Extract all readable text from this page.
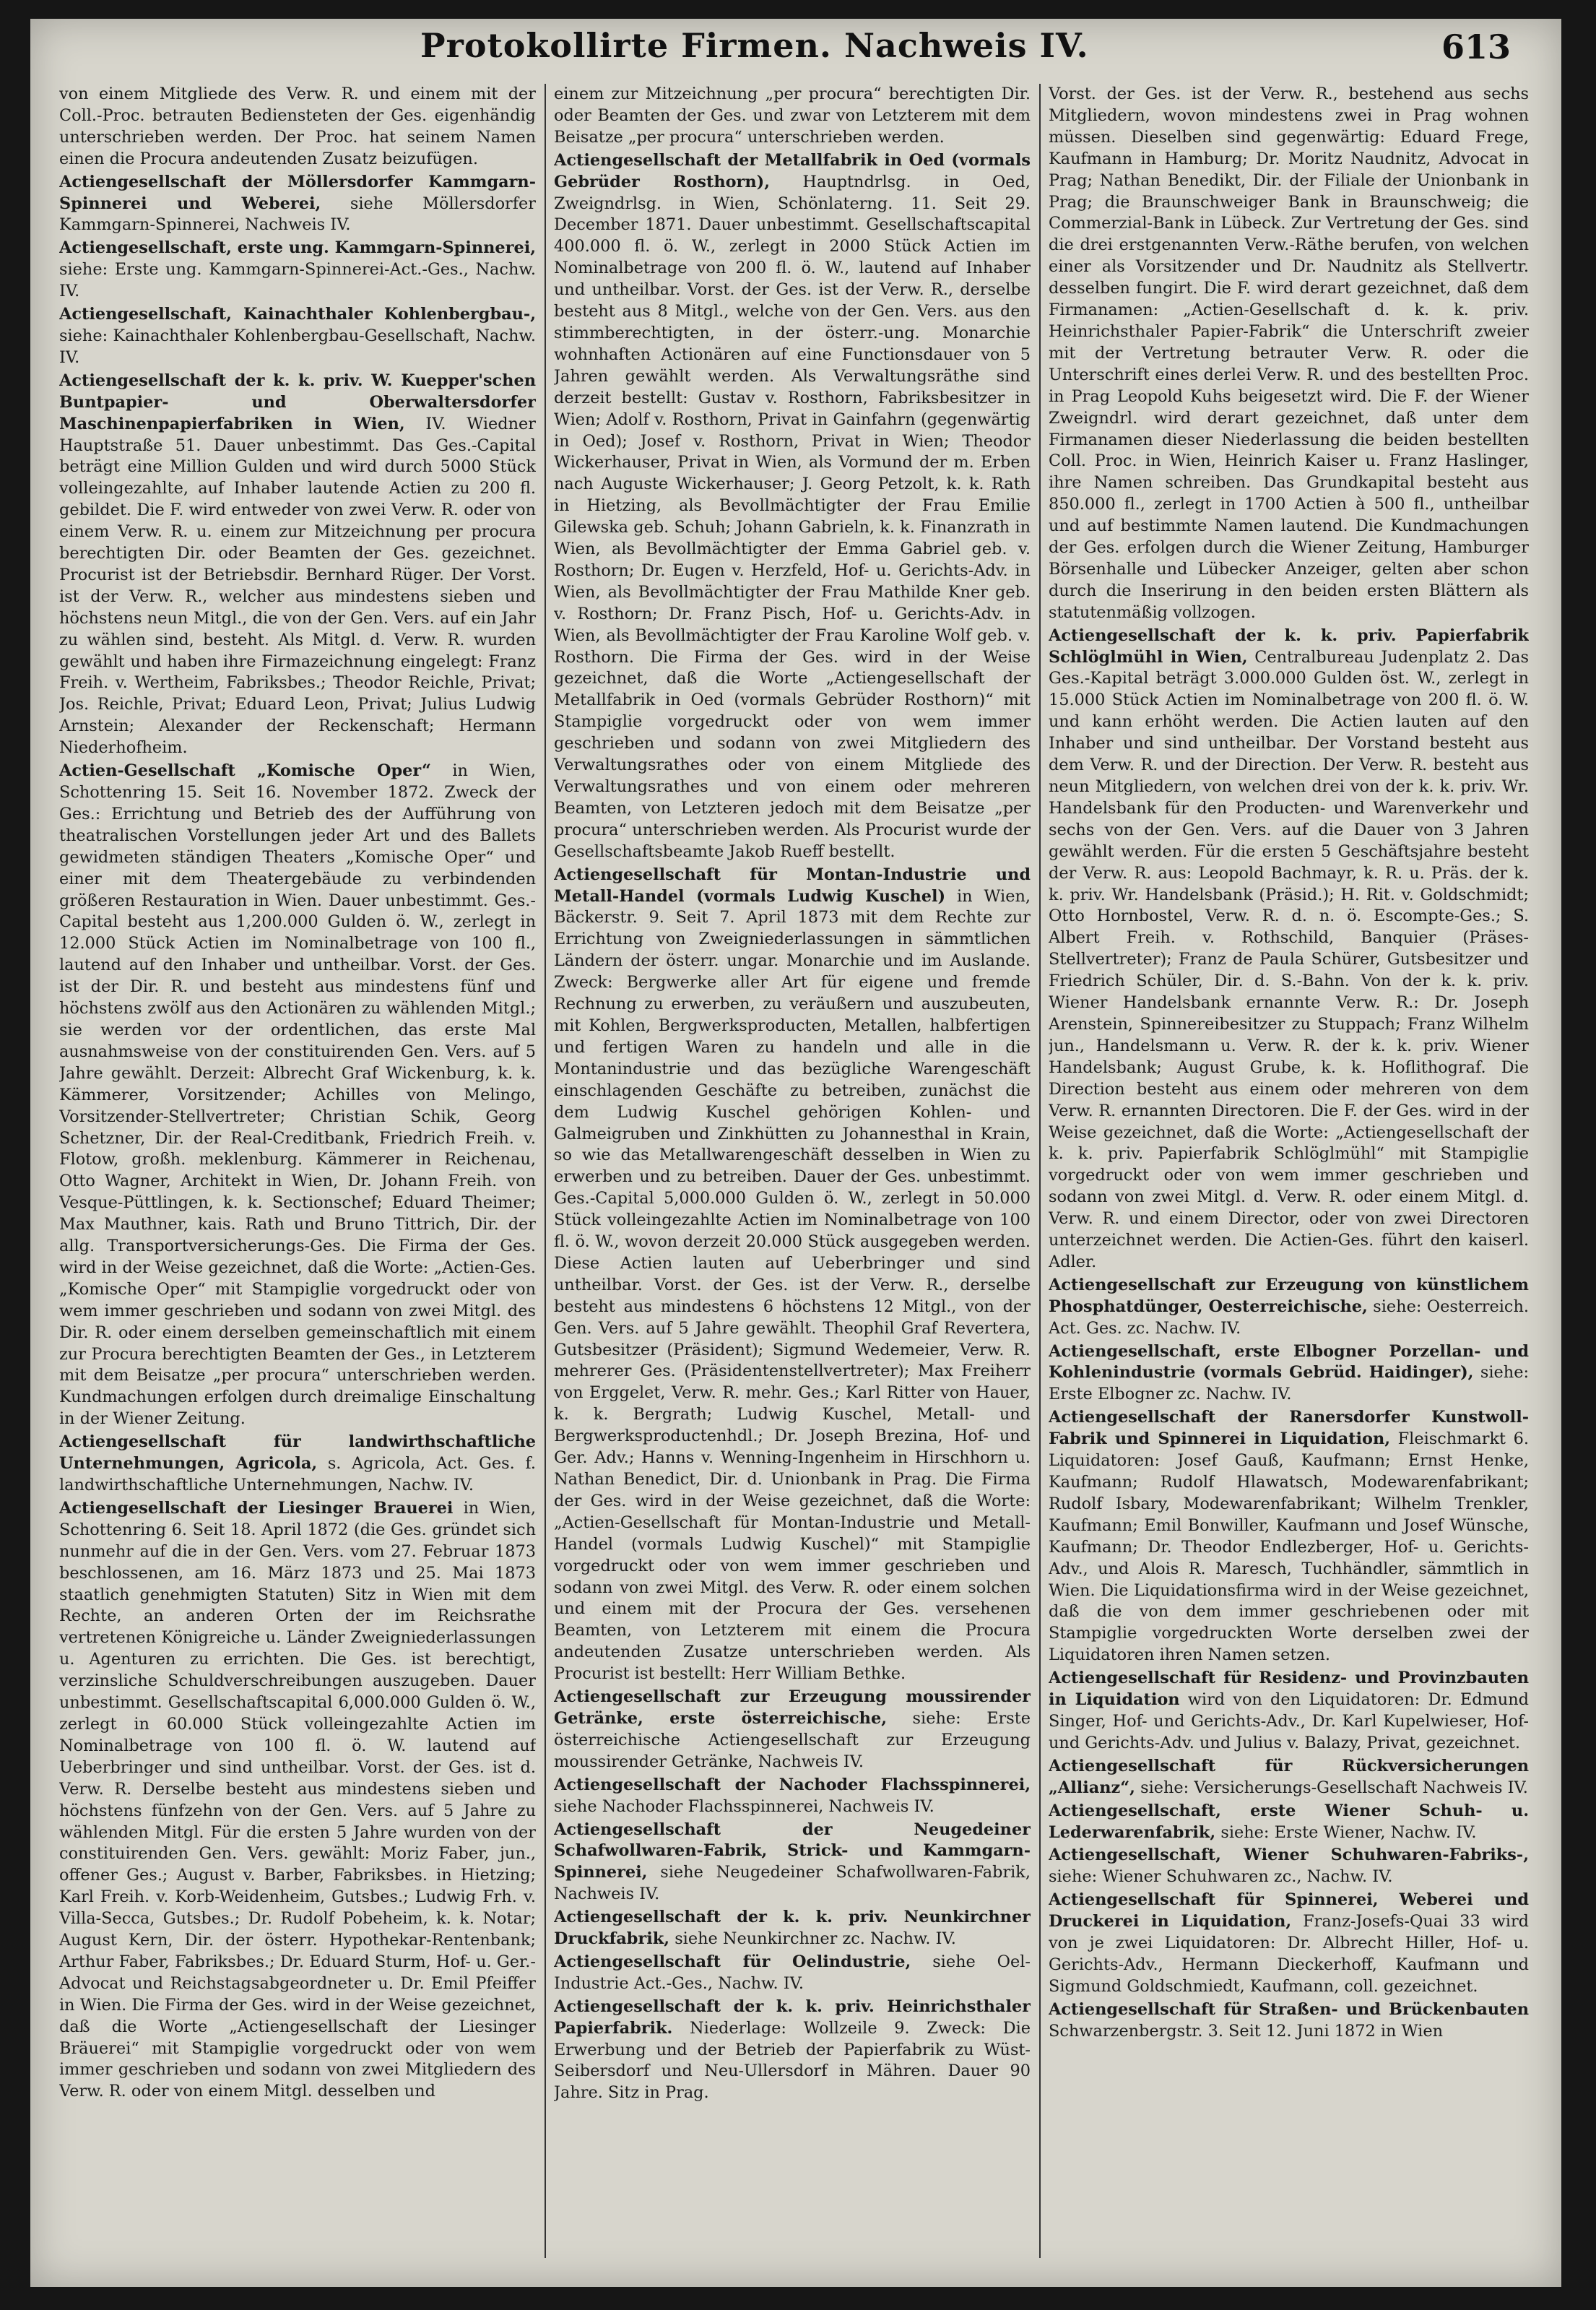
Protokollirte Firmen. Nachweis IV.	613
von einem Mitgliede des Verw. R. und einem mit der Coll.-Proc. betrauten Bediensteten der Ges. eigenhändig unterschrieben werden. Der Proc. hat seinem Namen einen die Procura andeutenden Zusatz beizufügen.
Actiengesellschaft der Möllersdorfer Kammgarn-Spinnerei und Weberei, siehe Möllersdorfer Kammgarn-Spinnerei, Nachweis IV.
Actiengesellschaft, erste ung. Kammgarn-Spinnerei, siehe: Erste ung. Kammgarn-Spinnerei-Act.-Ges., Nachw. IV.
Actiengesellschaft, Kainachthaler Kohlenbergbau-, siehe: Kainachthaler Kohlenbergbau-Gesellschaft, Nachw. IV.
Actiengesellschaft der k. k. priv. W. Kuepper'schen Buntpapier- und Oberwaltersdorfer Maschinenpapierfabriken in Wien, IV. Wiedner Hauptstraße 51. Dauer unbestimmt. Das Ges.-Capital beträgt eine Million Gulden und wird durch 5000 Stück volleingezahlte, auf Inhaber lautende Actien zu 200 fl. gebildet. Die F. wird entweder von zwei Verw. R. oder von einem Verw. R. u. einem zur Mitzeichnung per procura berechtigten Dir. oder Beamten der Ges. gezeichnet. Procurist ist der Betriebsdir. Bernhard Rüger. Der Vorst. ist der Verw. R., welcher aus mindestens sieben und höchstens neun Mitgl., die von der Gen. Vers. auf ein Jahr zu wählen sind, besteht. Als Mitgl. d. Verw. R. wurden gewählt und haben ihre Firmazeichnung eingelegt: Franz Freih. v. Wertheim, Fabriksbes.; Theodor Reichle, Privat; Jos. Reichle, Privat; Eduard Leon, Privat; Julius Ludwig Arnstein; Alexander der Reckenschaft; Hermann Niederhofheim.
Actien-Gesellschaft „Komische Oper“ in Wien, Schottenring 15. Seit 16. November 1872. Zweck der Ges.: Errichtung und Betrieb des der Aufführung von theatralischen Vorstellungen jeder Art und des Ballets gewidmeten ständigen Theaters „Komische Oper“ und einer mit dem Theatergebäude zu verbindenden größeren Restauration in Wien. Dauer unbestimmt. Ges.-Capital besteht aus 1,200.000 Gulden ö. W., zerlegt in 12.000 Stück Actien im Nominalbetrage von 100 fl., lautend auf den Inhaber und untheilbar. Vorst. der Ges. ist der Dir. R. und besteht aus mindestens fünf und höchstens zwölf aus den Actionären zu wählenden Mitgl.; sie werden vor der ordentlichen, das erste Mal ausnahmsweise von der constituirenden Gen. Vers. auf 5 Jahre gewählt. Derzeit: Albrecht Graf Wickenburg, k. k. Kämmerer, Vorsitzender; Achilles von Melingo, Vorsitzender-Stellvertreter; Christian Schik, Georg Schetzner, Dir. der Real-Creditbank, Friedrich Freih. v. Flotow, großh. meklenburg. Kämmerer in Reichenau, Otto Wagner, Architekt in Wien, Dr. Johann Freih. von Vesque-Püttlingen, k. k. Sectionschef; Eduard Theimer; Max Mauthner, kais. Rath und Bruno Tittrich, Dir. der allg. Transportversicherungs-Ges. Die Firma der Ges. wird in der Weise gezeichnet, daß die Worte: „Actien-Ges. „Komische Oper“ mit Stampiglie vorgedruckt oder von wem immer geschrieben und sodann von zwei Mitgl. des Dir. R. oder einem derselben gemeinschaftlich mit einem zur Procura berechtigten Beamten der Ges., in Letzterem mit dem Beisatze „per procura“ unterschrieben werden. Kundmachungen erfolgen durch dreimalige Einschaltung in der Wiener Zeitung.
Actiengesellschaft für landwirthschaftliche Unternehmungen, Agricola, s. Agricola, Act. Ges. f. landwirthschaftliche Unternehmungen, Nachw. IV.
Actiengesellschaft der Liesinger Brauerei in Wien, Schottenring 6. Seit 18. April 1872 (die Ges. gründet sich nunmehr auf die in der Gen. Vers. vom 27. Februar 1873 beschlossenen, am 16. März 1873 und 25. Mai 1873 staatlich genehmigten Statuten) Sitz in Wien mit dem Rechte, an anderen Orten der im Reichsrathe vertretenen Königreiche u. Länder Zweigniederlassungen u. Agenturen zu errichten. Die Ges. ist berechtigt, verzinsliche Schuldverschreibungen auszugeben. Dauer unbestimmt. Gesellschaftscapital 6,000.000 Gulden ö. W., zerlegt in 60.000 Stück volleingezahlte Actien im Nominalbetrage von 100 fl. ö. W. lautend auf Ueberbringer und sind untheilbar. Vorst. der Ges. ist d. Verw. R. Derselbe besteht aus mindestens sieben und höchstens fünfzehn von der Gen. Vers. auf 5 Jahre zu wählenden Mitgl. Für die ersten 5 Jahre wurden von der constituirenden Gen. Vers. gewählt: Moriz Faber, jun., offener Ges.; August v. Barber, Fabriksbes. in Hietzing; Karl Freih. v. Korb-Weidenheim, Gutsbes.; Ludwig Frh. v. Villa-Secca, Gutsbes.; Dr. Rudolf Pobeheim, k. k. Notar; August Kern, Dir. der österr. Hypothekar-Rentenbank; Arthur Faber, Fabriksbes.; Dr. Eduard Sturm, Hof- u. Ger.-Advocat und Reichstagsabgeordneter u. Dr. Emil Pfeiffer in Wien. Die Firma der Ges. wird in der Weise gezeichnet, daß die Worte „Actiengesellschaft der Liesinger Bräuerei“ mit Stampiglie vorgedruckt oder von wem immer geschrieben und sodann von zwei Mitgliedern des Verw. R. oder von einem Mitgl. desselben und
einem zur Mitzeichnung „per procura“ berechtigten Dir. oder Beamten der Ges. und zwar von Letzterem mit dem Beisatze „per procura“ unterschrieben werden.
Actiengesellschaft der Metallfabrik in Oed (vormals Gebrüder Rosthorn), Hauptndrlsg. in Oed, Zweigndrlsg. in Wien, Schönlaterng. 11. Seit 29. December 1871. Dauer unbestimmt. Gesellschaftscapital 400.000 fl. ö. W., zerlegt in 2000 Stück Actien im Nominalbetrage von 200 fl. ö. W., lautend auf Inhaber und untheilbar. Vorst. der Ges. ist der Verw. R., derselbe besteht aus 8 Mitgl., welche von der Gen. Vers. aus den stimmberechtigten, in der österr.-ung. Monarchie wohnhaften Actionären auf eine Functionsdauer von 5 Jahren gewählt werden. Als Verwaltungsräthe sind derzeit bestellt: Gustav v. Rosthorn, Fabriksbesitzer in Wien; Adolf v. Rosthorn, Privat in Gainfahrn (gegenwärtig in Oed); Josef v. Rosthorn, Privat in Wien; Theodor Wickerhauser, Privat in Wien, als Vormund der m. Erben nach Auguste Wickerhauser; J. Georg Petzolt, k. k. Rath in Hietzing, als Bevollmächtigter der Frau Emilie Gilewska geb. Schuh; Johann Gabrieln, k. k. Finanzrath in Wien, als Bevollmächtigter der Emma Gabriel geb. v. Rosthorn; Dr. Eugen v. Herzfeld, Hof- u. Gerichts-Adv. in Wien, als Bevollmächtigter der Frau Mathilde Kner geb. v. Rosthorn; Dr. Franz Pisch, Hof- u. Gerichts-Adv. in Wien, als Bevollmächtigter der Frau Karoline Wolf geb. v. Rosthorn. Die Firma der Ges. wird in der Weise gezeichnet, daß die Worte „Actiengesellschaft der Metallfabrik in Oed (vormals Gebrüder Rosthorn)“ mit Stampiglie vorgedruckt oder von wem immer geschrieben und sodann von zwei Mitgliedern des Verwaltungsrathes oder von einem Mitgliede des Verwaltungsrathes und von einem oder mehreren Beamten, von Letzteren jedoch mit dem Beisatze „per procura“ unterschrieben werden. Als Procurist wurde der Gesellschaftsbeamte Jakob Rueff bestellt.
Actiengesellschaft für Montan-Industrie und Metall-Handel (vormals Ludwig Kuschel) in Wien, Bäckerstr. 9. Seit 7. April 1873 mit dem Rechte zur Errichtung von Zweigniederlassungen in sämmtlichen Ländern der österr. ungar. Monarchie und im Auslande. Zweck: Bergwerke aller Art für eigene und fremde Rechnung zu erwerben, zu veräußern und auszubeuten, mit Kohlen, Bergwerksproducten, Metallen, halbfertigen und fertigen Waren zu handeln und alle in die Montanindustrie und das bezügliche Warengeschäft einschlagenden Geschäfte zu betreiben, zunächst die dem Ludwig Kuschel gehörigen Kohlen- und Galmeigruben und Zinkhütten zu Johannesthal in Krain, so wie das Metallwarengeschäft desselben in Wien zu erwerben und zu betreiben. Dauer der Ges. unbestimmt. Ges.-Capital 5,000.000 Gulden ö. W., zerlegt in 50.000 Stück volleingezahlte Actien im Nominalbetrage von 100 fl. ö. W., wovon derzeit 20.000 Stück ausgegeben werden. Diese Actien lauten auf Ueberbringer und sind untheilbar. Vorst. der Ges. ist der Verw. R., derselbe besteht aus mindestens 6 höchstens 12 Mitgl., von der Gen. Vers. auf 5 Jahre gewählt. Theophil Graf Revertera, Gutsbesitzer (Präsident); Sigmund Wedemeier, Verw. R. mehrerer Ges. (Präsidentenstellvertreter); Max Freiherr von Erggelet, Verw. R. mehr. Ges.; Karl Ritter von Hauer, k. k. Bergrath; Ludwig Kuschel, Metall- und Bergwerksproductenhdl.; Dr. Joseph Brezina, Hof- und Ger. Adv.; Hanns v. Wenning-Ingenheim in Hirschhorn u. Nathan Benedict, Dir. d. Unionbank in Prag. Die Firma der Ges. wird in der Weise gezeichnet, daß die Worte: „Actien-Gesellschaft für Montan-Industrie und Metall-Handel (vormals Ludwig Kuschel)“ mit Stampiglie vorgedruckt oder von wem immer geschrieben und sodann von zwei Mitgl. des Verw. R. oder einem solchen und einem mit der Procura der Ges. versehenen Beamten, von Letzterem mit einem die Procura andeutenden Zusatze unterschrieben werden. Als Procurist ist bestellt: Herr William Bethke.
Actiengesellschaft zur Erzeugung moussirender Getränke, erste österreichische, siehe: Erste österreichische Actiengesellschaft zur Erzeugung moussirender Getränke, Nachweis IV.
Actiengesellschaft der Nachoder Flachsspinnerei, siehe Nachoder Flachsspinnerei, Nachweis IV.
Actiengesellschaft der Neugedeiner Schafwollwaren-Fabrik, Strick- und Kammgarn-Spinnerei, siehe Neugedeiner Schafwollwaren-Fabrik, Nachweis IV.
Actiengesellschaft der k. k. priv. Neunkirchner Druckfabrik, siehe Neunkirchner zc. Nachw. IV.
Actiengesellschaft für Oelindustrie, siehe Oel-Industrie Act.-Ges., Nachw. IV.
Actiengesellschaft der k. k. priv. Heinrichsthaler Papierfabrik. Niederlage: Wollzeile 9. Zweck: Die Erwerbung und der Betrieb der Papierfabrik zu Wüst-Seibersdorf und Neu-Ullersdorf in Mähren. Dauer 90 Jahre. Sitz in Prag.
Vorst. der Ges. ist der Verw. R., bestehend aus sechs Mitgliedern, wovon mindestens zwei in Prag wohnen müssen. Dieselben sind gegenwärtig: Eduard Frege, Kaufmann in Hamburg; Dr. Moritz Naudnitz, Advocat in Prag; Nathan Benedikt, Dir. der Filiale der Unionbank in Prag; die Braunschweiger Bank in Braunschweig; die Commerzial-Bank in Lübeck. Zur Vertretung der Ges. sind die drei erstgenannten Verw.-Räthe berufen, von welchen einer als Vorsitzender und Dr. Naudnitz als Stellvertr. desselben fungirt. Die F. wird derart gezeichnet, daß dem Firmanamen: „Actien-Gesellschaft d. k. k. priv. Heinrichsthaler Papier-Fabrik“ die Unterschrift zweier mit der Vertretung betrauter Verw. R. oder die Unterschrift eines derlei Verw. R. und des bestellten Proc. in Prag Leopold Kuhs beigesetzt wird. Die F. der Wiener Zweigndrl. wird derart gezeichnet, daß unter dem Firmanamen dieser Niederlassung die beiden bestellten Coll. Proc. in Wien, Heinrich Kaiser u. Franz Haslinger, ihre Namen schreiben. Das Grundkapital besteht aus 850.000 fl., zerlegt in 1700 Actien à 500 fl., untheilbar und auf bestimmte Namen lautend. Die Kundmachungen der Ges. erfolgen durch die Wiener Zeitung, Hamburger Börsenhalle und Lübecker Anzeiger, gelten aber schon durch die Inserirung in den beiden ersten Blättern als statutenmäßig vollzogen.
Actiengesellschaft der k. k. priv. Papierfabrik Schlöglmühl in Wien, Centralbureau Judenplatz 2. Das Ges.-Kapital beträgt 3.000.000 Gulden öst. W., zerlegt in 15.000 Stück Actien im Nominalbetrage von 200 fl. ö. W. und kann erhöht werden. Die Actien lauten auf den Inhaber und sind untheilbar. Der Vorstand besteht aus dem Verw. R. und der Direction. Der Verw. R. besteht aus neun Mitgliedern, von welchen drei von der k. k. priv. Wr. Handelsbank für den Producten- und Warenverkehr und sechs von der Gen. Vers. auf die Dauer von 3 Jahren gewählt werden. Für die ersten 5 Geschäftsjahre besteht der Verw. R. aus: Leopold Bachmayr, k. R. u. Präs. der k. k. priv. Wr. Handelsbank (Präsid.); H. Rit. v. Goldschmidt; Otto Hornbostel, Verw. R. d. n. ö. Escompte-Ges.; S. Albert Freih. v. Rothschild, Banquier (Präses-Stellvertreter); Franz de Paula Schürer, Gutsbesitzer und Friedrich Schüler, Dir. d. S.-Bahn. Von der k. k. priv. Wiener Handelsbank ernannte Verw. R.: Dr. Joseph Arenstein, Spinnereibesitzer zu Stuppach; Franz Wilhelm jun., Handelsmann u. Verw. R. der k. k. priv. Wiener Handelsbank; August Grube, k. k. Hoflithograf. Die Direction besteht aus einem oder mehreren von dem Verw. R. ernannten Directoren. Die F. der Ges. wird in der Weise gezeichnet, daß die Worte: „Actiengesellschaft der k. k. priv. Papierfabrik Schlöglmühl“ mit Stampiglie vorgedruckt oder von wem immer geschrieben und sodann von zwei Mitgl. d. Verw. R. oder einem Mitgl. d. Verw. R. und einem Director, oder von zwei Directoren unterzeichnet werden. Die Actien-Ges. führt den kaiserl. Adler.
Actiengesellschaft zur Erzeugung von künstlichem Phosphatdünger, Oesterreichische, siehe: Oesterreich. Act. Ges. zc. Nachw. IV.
Actiengesellschaft, erste Elbogner Porzellan- und Kohlenindustrie (vormals Gebrüd. Haidinger), siehe: Erste Elbogner zc. Nachw. IV.
Actiengesellschaft der Ranersdorfer Kunstwoll-Fabrik und Spinnerei in Liquidation, Fleischmarkt 6. Liquidatoren: Josef Gauß, Kaufmann; Ernst Henke, Kaufmann; Rudolf Hlawatsch, Modewarenfabrikant; Rudolf Isbary, Modewarenfabrikant; Wilhelm Trenkler, Kaufmann; Emil Bonwiller, Kaufmann und Josef Wünsche, Kaufmann; Dr. Theodor Endlezberger, Hof- u. Gerichts-Adv., und Alois R. Maresch, Tuchhändler, sämmtlich in Wien. Die Liquidationsfirma wird in der Weise gezeichnet, daß die von dem immer geschriebenen oder mit Stampiglie vorgedruckten Worte derselben zwei der Liquidatoren ihren Namen setzen.
Actiengesellschaft für Residenz- und Provinzbauten in Liquidation wird von den Liquidatoren: Dr. Edmund Singer, Hof- und Gerichts-Adv., Dr. Karl Kupelwieser, Hof- und Gerichts-Adv. und Julius v. Balazy, Privat, gezeichnet.
Actiengesellschaft für Rückversicherungen „Allianz“, siehe: Versicherungs-Gesellschaft Nachweis IV.
Actiengesellschaft, erste Wiener Schuh- u. Lederwarenfabrik, siehe: Erste Wiener, Nachw. IV.
Actiengesellschaft, Wiener Schuhwaren-Fabriks-, siehe: Wiener Schuhwaren zc., Nachw. IV.
Actiengesellschaft für Spinnerei, Weberei und Druckerei in Liquidation, Franz-Josefs-Quai 33 wird von je zwei Liquidatoren: Dr. Albrecht Hiller, Hof- u. Gerichts-Adv., Hermann Dieckerhoff, Kaufmann und Sigmund Goldschmiedt, Kaufmann, coll. gezeichnet.
Actiengesellschaft für Straßen- und Brückenbauten Schwarzenbergstr. 3. Seit 12. Juni 1872 in Wien
